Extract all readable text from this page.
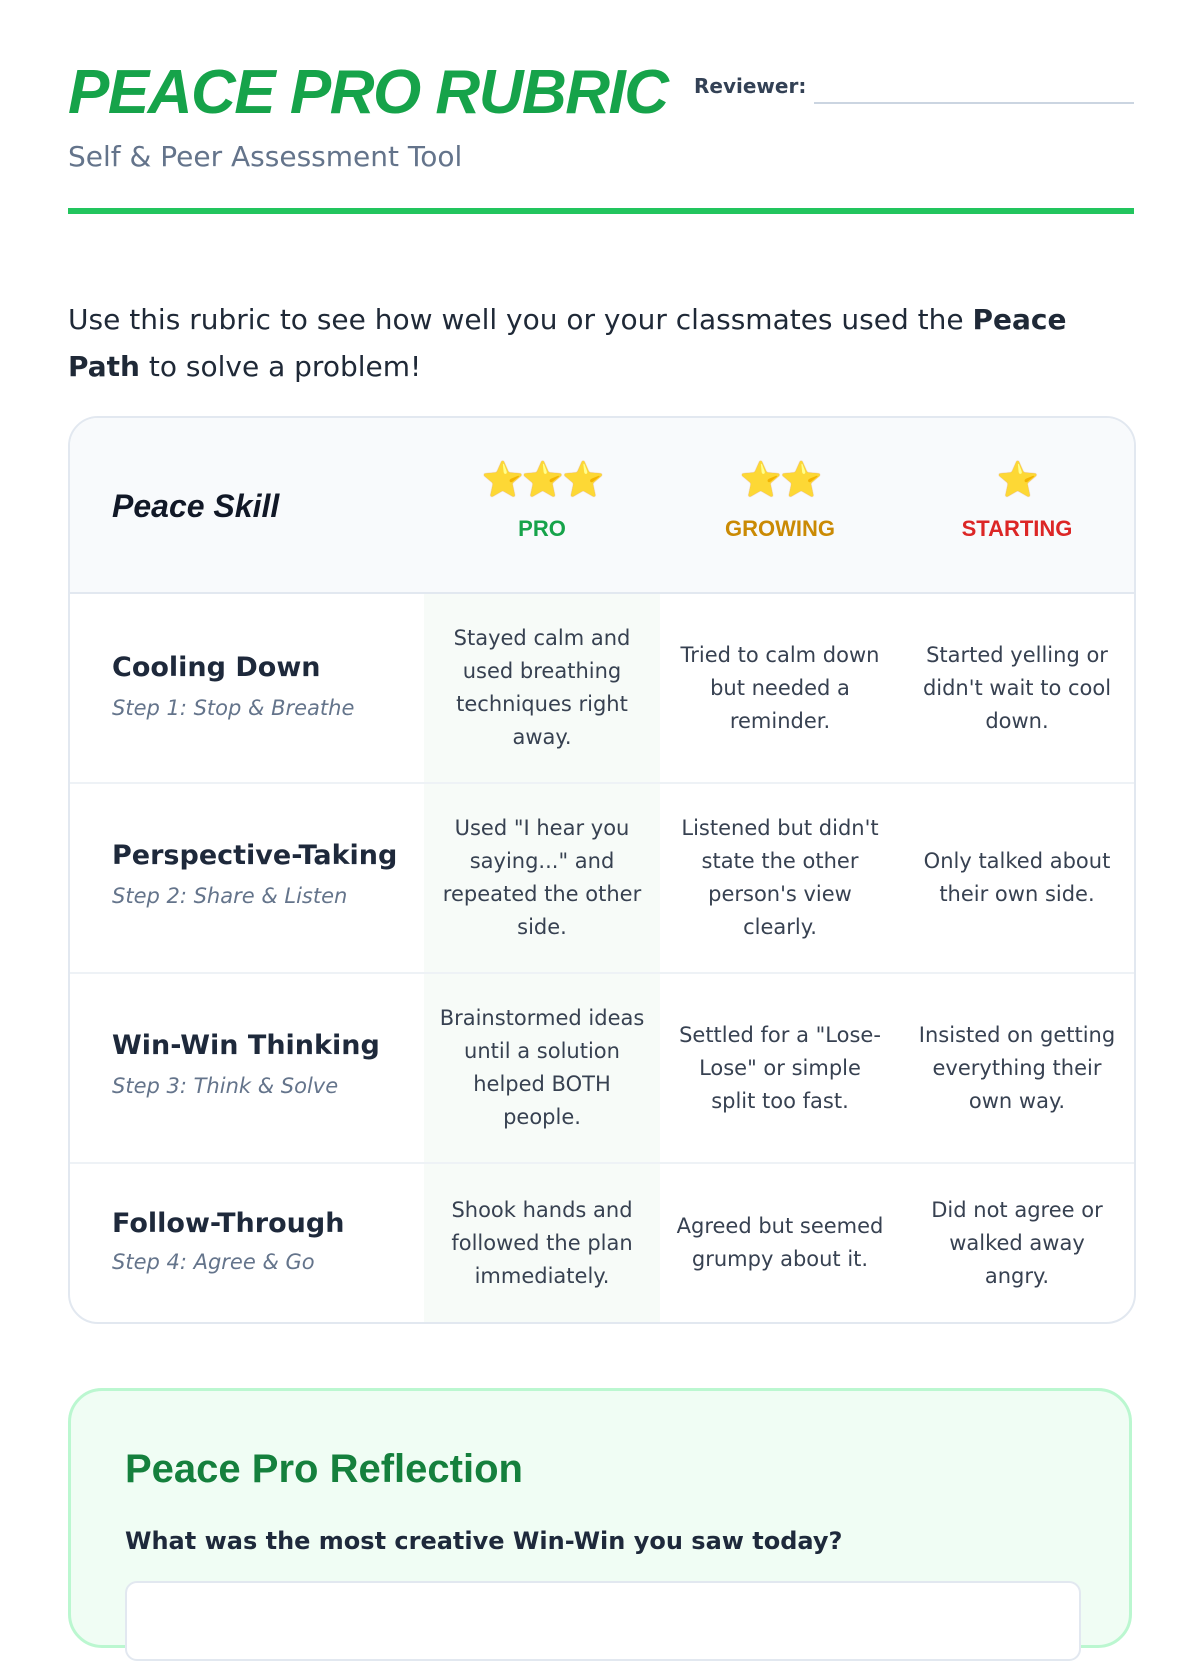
PEACE PRO RUBRIC
Self & Peer Assessment Tool
Reviewer:

Use this rubric to see how well you or your classmates used the Peace Path to solve a problem!

Peace Skill
⭐⭐⭐
PRO
⭐⭐
GROWING
⭐
STARTING
Cooling Down
Step 1: Stop & Breathe
Stayed calm and used breathing techniques right away.
Tried to calm down but needed a reminder.
Started yelling or didn't wait to cool down.
Perspective-Taking
Step 2: Share & Listen
Used "I hear you saying..." and repeated the other side.
Listened but didn't state the other person's view clearly.
Only talked about their own side.
Win-Win Thinking
Step 3: Think & Solve
Brainstormed ideas until a solution helped BOTH people.
Settled for a "Lose-Lose" or simple split too fast.
Insisted on getting everything their own way.
Follow-Through
Step 4: Agree & Go
Shook hands and followed the plan immediately.
Agreed but seemed grumpy about it.
Did not agree or walked away angry.
Peace Pro Reflection
What was the most creative Win-Win you saw today?
